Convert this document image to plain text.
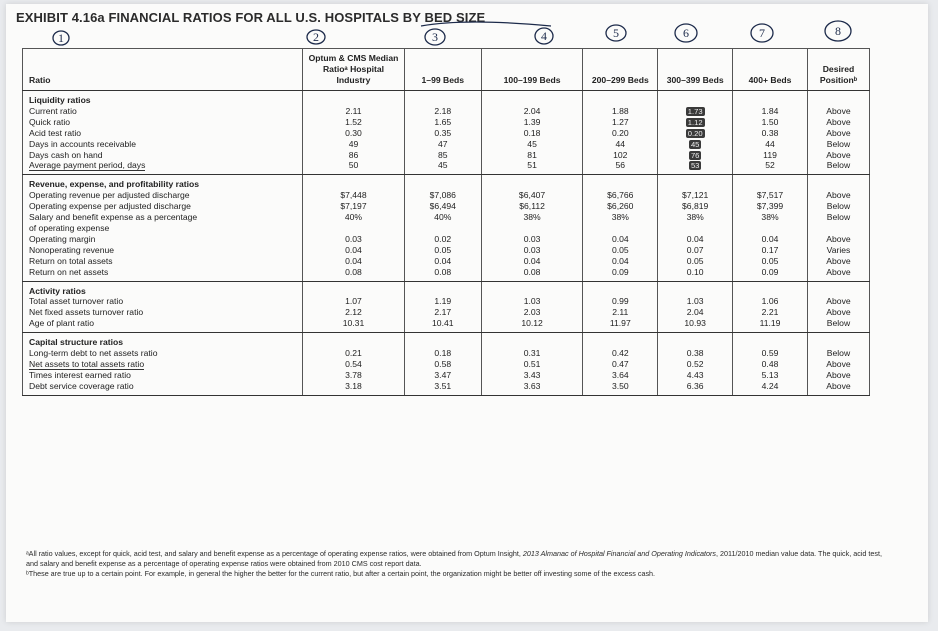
EXHIBIT 4.16a FINANCIAL RATIOS FOR ALL U.S. HOSPITALS BY BED SIZE
1	2	3	4	5	6	7	8
Ratio	Optum & CMS Median Ratioᵃ Hospital Industry	1–99 Beds	100–199 Beds	200–299 Beds	300–399 Beds	400+ Beds	Desired Positionᵇ
Liquidity ratios							
Current ratio	2.11	2.18	2.04	1.88	1.73	1.84	Above
Quick ratio	1.52	1.65	1.39	1.27	1.12	1.50	Above
Acid test ratio	0.30	0.35	0.18	0.20	0.20	0.38	Above
Days in accounts receivable	49	47	45	44	45	44	Below
Days cash on hand	86	85	81	102	76	119	Above
Average payment period, days	50	45	51	56	53	52	Below
Revenue, expense, and profitability ratios							
Operating revenue per adjusted discharge	$7,448	$7,086	$6,407	$6,766	$7,121	$7,517	Above
Operating expense per adjusted discharge	$7,197	$6,494	$6,112	$6,260	$6,819	$7,399	Below
Salary and benefit expense as a percentage	40%	40%	38%	38%	38%	38%	Below
of operating expense							
Operating margin	0.03	0.02	0.03	0.04	0.04	0.04	Above
Nonoperating revenue	0.04	0.05	0.03	0.05	0.07	0.17	Varies
Return on total assets	0.04	0.04	0.04	0.04	0.05	0.05	Above
Return on net assets	0.08	0.08	0.08	0.09	0.10	0.09	Above
Activity ratios							
Total asset turnover ratio	1.07	1.19	1.03	0.99	1.03	1.06	Above
Net fixed assets turnover ratio	2.12	2.17	2.03	2.11	2.04	2.21	Above
Age of plant ratio	10.31	10.41	10.12	11.97	10.93	11.19	Below
Capital structure ratios							
Long-term debt to net assets ratio	0.21	0.18	0.31	0.42	0.38	0.59	Below
Net assets to total assets ratio	0.54	0.58	0.51	0.47	0.52	0.48	Above
Times interest earned ratio	3.78	3.47	3.43	3.64	4.43	5.13	Above
Debt service coverage ratio	3.18	3.51	3.63	3.50	6.36	4.24	Above

ᵃAll ratio values, except for quick, acid test, and salary and benefit expense as a percentage of operating expense ratios, were obtained from Optum Insight, 2013 Almanac of Hospital Financial and Operating Indicators, 2011/2010 median value data. The quick, acid test, and salary and benefit expense as a percentage of operating expense ratios were obtained from 2010 CMS cost report data.

ᵇThese are true up to a certain point. For example, in general the higher the better for the current ratio, but after a certain point, the organization might be better off investing some of the excess cash.
